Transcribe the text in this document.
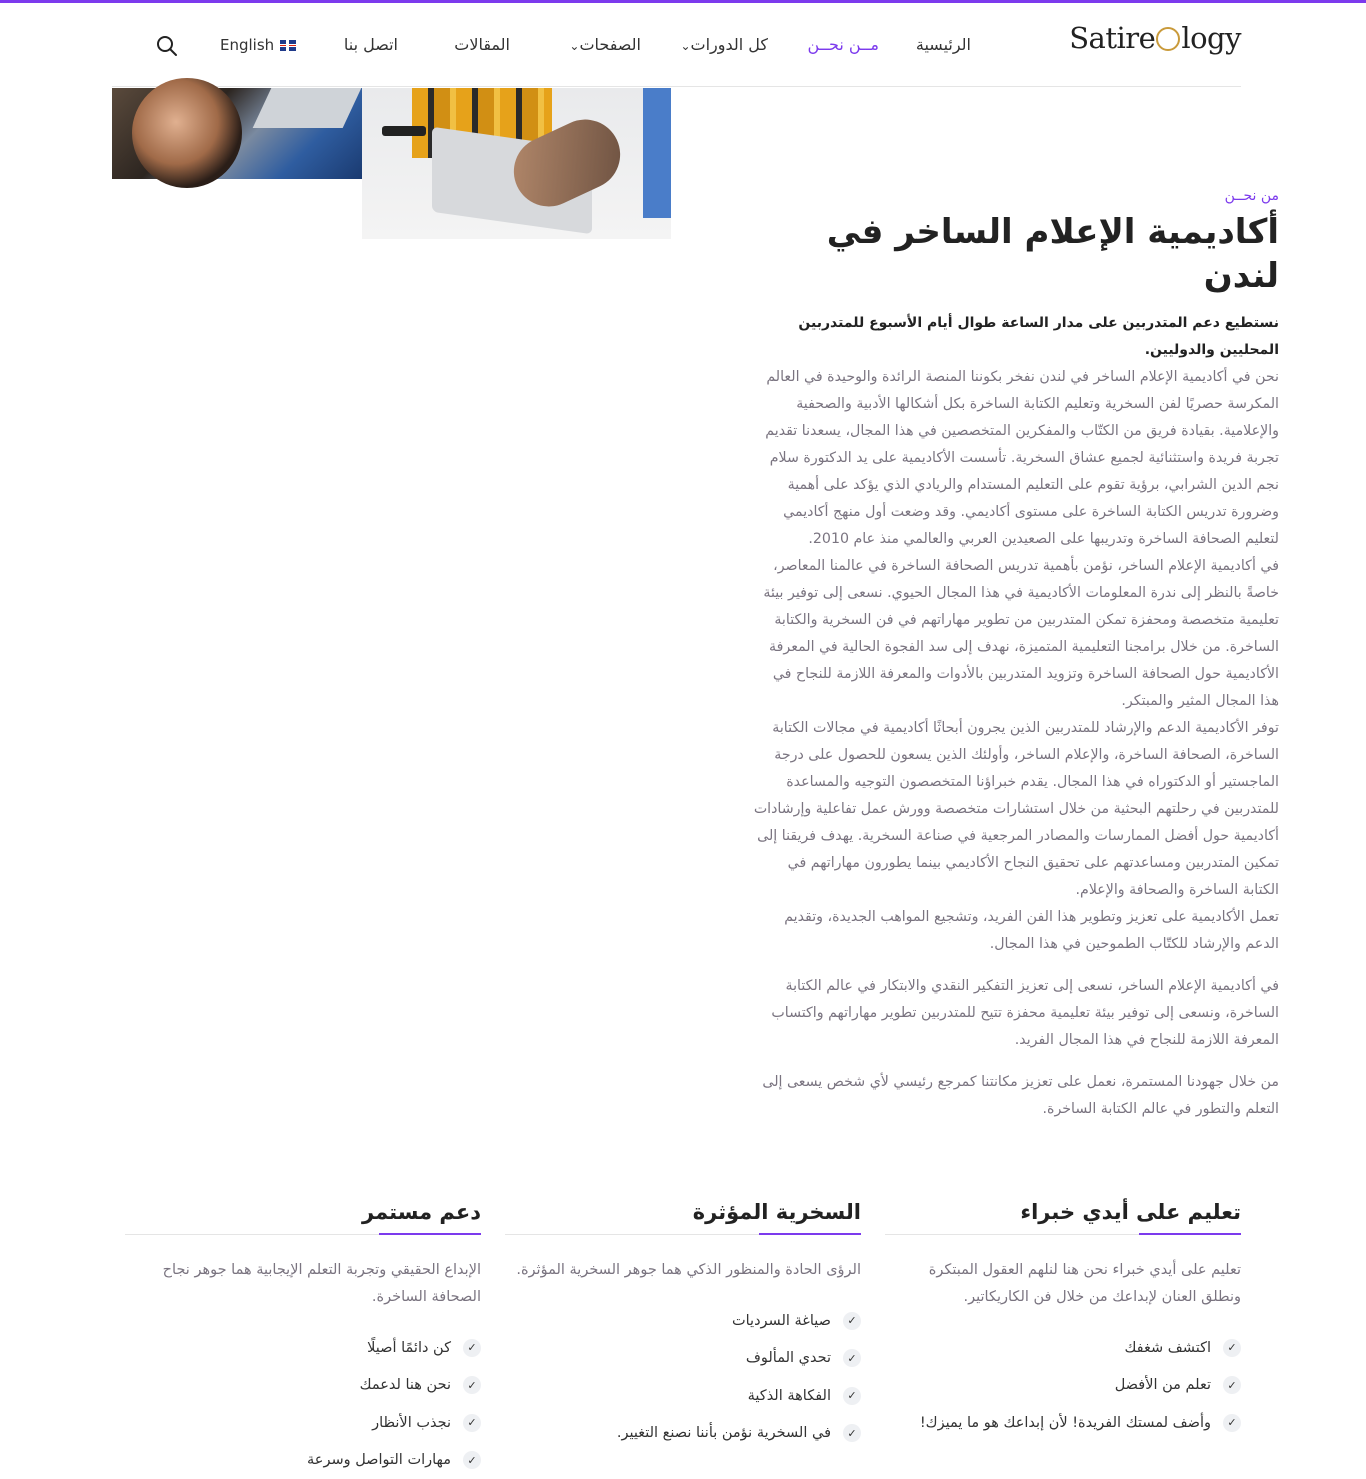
Satire logy
الرئيسية
مــن نحــن
كل الدورات⌄
الصفحات⌄
المقالات
اتصل بنا
English
من نحــن
أكاديمية الإعلام الساخر في لندن

نستطيع دعم المتدربين على مدار الساعة طوال أيام الأسبوع للمتدربين المحليين والدوليين.

نحن في أكاديمية الإعلام الساخر في لندن نفخر بكوننا المنصة الرائدة والوحيدة في العالم المكرسة حصريًا لفن السخرية وتعليم الكتابة الساخرة بكل أشكالها الأدبية والصحفية والإعلامية. بقيادة فريق من الكتّاب والمفكرين المتخصصين في هذا المجال، يسعدنا تقديم تجربة فريدة واستثنائية لجميع عشاق السخرية. تأسست الأكاديمية على يد الدكتورة سلام نجم الدين الشرابي، برؤية تقوم على التعليم المستدام والريادي الذي يؤكد على أهمية وضرورة تدريس الكتابة الساخرة على مستوى أكاديمي. وقد وضعت أول منهج أكاديمي لتعليم الصحافة الساخرة وتدريبها على الصعيدين العربي والعالمي منذ عام 2010.

في أكاديمية الإعلام الساخر، نؤمن بأهمية تدريس الصحافة الساخرة في عالمنا المعاصر، خاصةً بالنظر إلى ندرة المعلومات الأكاديمية في هذا المجال الحيوي. نسعى إلى توفير بيئة تعليمية متخصصة ومحفزة تمكن المتدربين من تطوير مهاراتهم في فن السخرية والكتابة الساخرة. من خلال برامجنا التعليمية المتميزة، نهدف إلى سد الفجوة الحالية في المعرفة الأكاديمية حول الصحافة الساخرة وتزويد المتدربين بالأدوات والمعرفة اللازمة للنجاح في هذا المجال المثير والمبتكر.

توفر الأكاديمية الدعم والإرشاد للمتدربين الذين يجرون أبحاثًا أكاديمية في مجالات الكتابة الساخرة، الصحافة الساخرة، والإعلام الساخر، وأولئك الذين يسعون للحصول على درجة الماجستير أو الدكتوراه في هذا المجال. يقدم خبراؤنا المتخصصون التوجيه والمساعدة للمتدربين في رحلتهم البحثية من خلال استشارات متخصصة وورش عمل تفاعلية وإرشادات أكاديمية حول أفضل الممارسات والمصادر المرجعية في صناعة السخرية. يهدف فريقنا إلى تمكين المتدربين ومساعدتهم على تحقيق النجاح الأكاديمي بينما يطورون مهاراتهم في الكتابة الساخرة والصحافة والإعلام.

تعمل الأكاديمية على تعزيز وتطوير هذا الفن الفريد، وتشجيع المواهب الجديدة، وتقديم الدعم والإرشاد للكتّاب الطموحين في هذا المجال.

في أكاديمية الإعلام الساخر، نسعى إلى تعزيز التفكير النقدي والابتكار في عالم الكتابة الساخرة، ونسعى إلى توفير بيئة تعليمية محفزة تتيح للمتدربين تطوير مهاراتهم واكتساب المعرفة اللازمة للنجاح في هذا المجال الفريد.

من خلال جهودنا المستمرة، نعمل على تعزيز مكانتنا كمرجع رئيسي لأي شخص يسعى إلى التعلم والتطور في عالم الكتابة الساخرة.

تعليم على أيدي خبراء

تعليم على أيدي خبراء نحن هنا لنلهم العقول المبتكرة ونطلق العنان لإبداعك من خلال فن الكاريكاتير.

✓
اكتشف شغفك
✓
تعلم من الأفضل
✓
وأضف لمستك الفريدة! لأن إبداعك هو ما يميزك!
السخرية المؤثرة

الرؤى الحادة والمنظور الذكي هما جوهر السخرية المؤثرة.

✓
صياغة السرديات
✓
تحدي المألوف
✓
الفكاهة الذكية
✓
في السخرية نؤمن بأننا نصنع التغيير.
دعم مستمر

الإبداع الحقيقي وتجربة التعلم الإيجابية هما جوهر نجاح الصحافة الساخرة.

✓
كن دائمًا أصيلًا
✓
نحن هنا لدعمك
✓
نجذب الأنظار
✓
مهارات التواصل وسرعة
